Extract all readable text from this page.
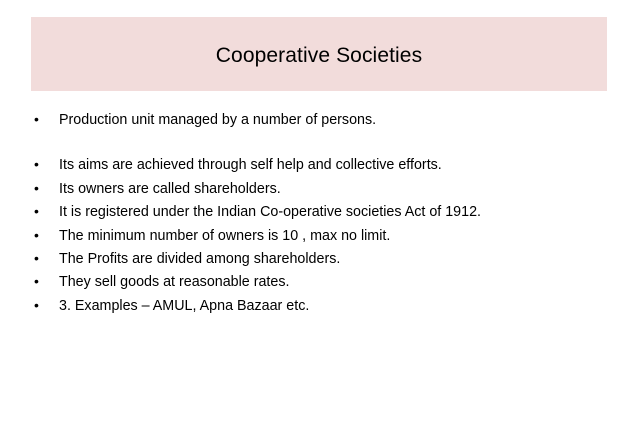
Cooperative Societies
•	Production unit managed by a number of persons.
•	Its aims are achieved through self help and collective efforts.
•	Its owners are called shareholders.
•	It is registered under the Indian Co-operative societies Act of 1912.
•	The minimum number of owners is 10 , max no limit.
•	The Profits are divided among shareholders.
•	They sell goods at reasonable rates.
•	3. Examples – AMUL, Apna Bazaar etc.
